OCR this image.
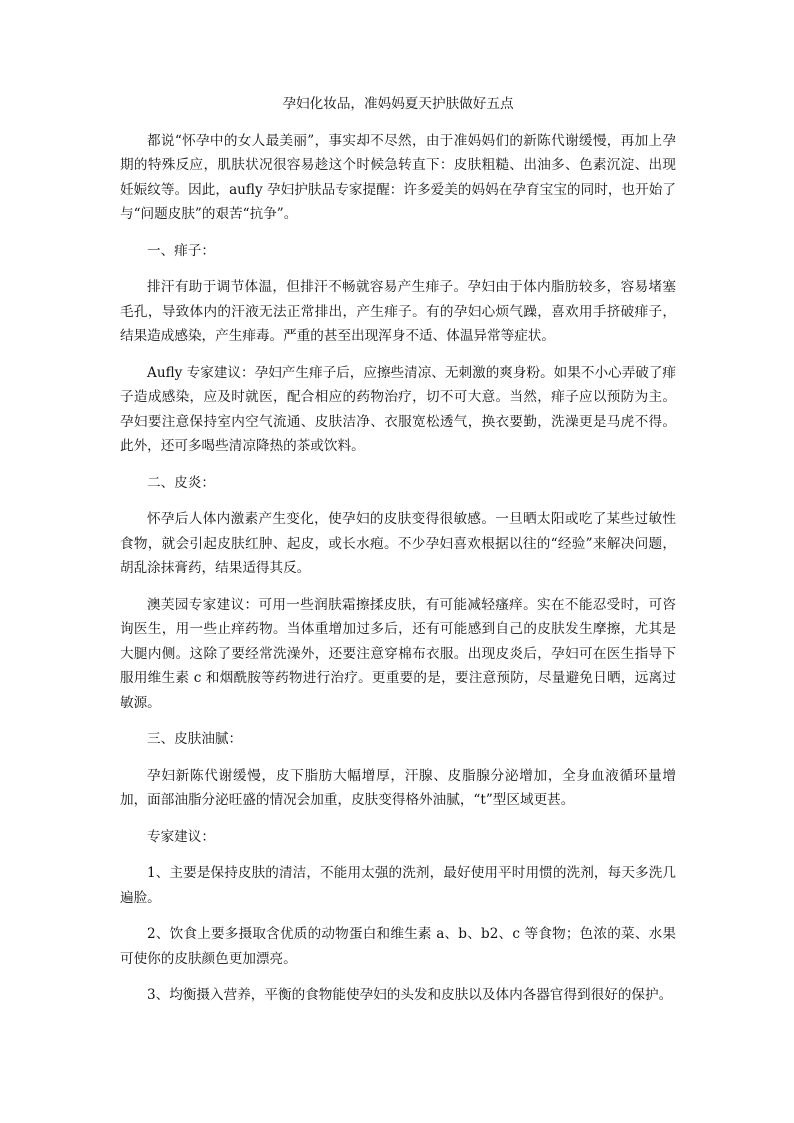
孕妇化妆品，准妈妈夏天护肤做好五点

都说“怀孕中的女人最美丽”，事实却不尽然，由于准妈妈们的新陈代谢缓慢，再加上孕期的特殊反应，肌肤状况很容易趁这个时候急转直下：皮肤粗糙、出油多、色素沉淀、出现妊娠纹等。因此，aufly 孕妇护肤品专家提醒：许多爱美的妈妈在孕育宝宝的同时，也开始了与“问题皮肤”的艰苦“抗争”。

一、痱子：

排汗有助于调节体温，但排汗不畅就容易产生痱子。孕妇由于体内脂肪较多，容易堵塞毛孔，导致体内的汗液无法正常排出，产生痱子。有的孕妇心烦气躁，喜欢用手挤破痱子，结果造成感染，产生痱毒。严重的甚至出现浑身不适、体温异常等症状。

Aufly 专家建议：孕妇产生痱子后，应擦些清凉、无刺激的爽身粉。如果不小心弄破了痱子造成感染，应及时就医，配合相应的药物治疗，切不可大意。当然，痱子应以预防为主。孕妇要注意保持室内空气流通、皮肤洁净、衣服宽松透气，换衣要勤，洗澡更是马虎不得。此外，还可多喝些清凉降热的茶或饮料。

二、皮炎：

怀孕后人体内激素产生变化，使孕妇的皮肤变得很敏感。一旦晒太阳或吃了某些过敏性食物，就会引起皮肤红肿、起皮，或长水疱。不少孕妇喜欢根据以往的“经验”来解决问题，胡乱涂抹膏药，结果适得其反。

澳芙园专家建议：可用一些润肤霜擦揉皮肤，有可能减轻瘙痒。实在不能忍受时，可咨询医生，用一些止痒药物。当体重增加过多后，还有可能感到自己的皮肤发生摩擦，尤其是大腿内侧。这除了要经常洗澡外，还要注意穿棉布衣服。出现皮炎后，孕妇可在医生指导下服用维生素 c 和烟酰胺等药物进行治疗。更重要的是，要注意预防，尽量避免日晒，远离过敏源。

三、皮肤油腻：

孕妇新陈代谢缓慢，皮下脂肪大幅增厚，汗腺、皮脂腺分泌增加，全身血液循环量增加，面部油脂分泌旺盛的情况会加重，皮肤变得格外油腻，“t”型区域更甚。

专家建议：

1、主要是保持皮肤的清洁，不能用太强的洗剂，最好使用平时用惯的洗剂，每天多洗几遍脸。

2、饮食上要多摄取含优质的动物蛋白和维生素 a、b、b2、c 等食物；色浓的菜、水果可使你的皮肤颜色更加漂亮。

3、均衡摄入营养，平衡的食物能使孕妇的头发和皮肤以及体内各器官得到很好的保护。
